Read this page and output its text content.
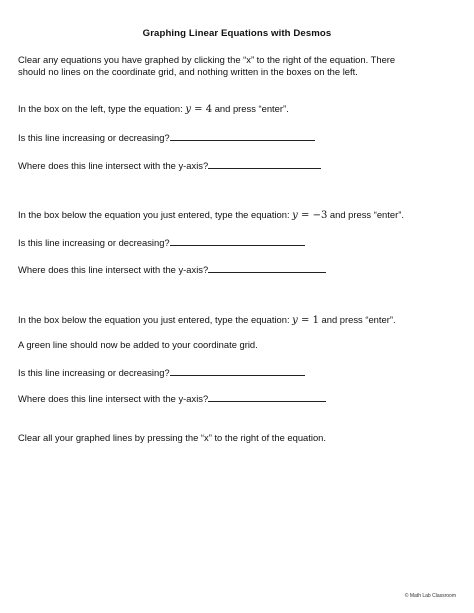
Graphing Linear Equations with Desmos
Clear any equations you have graphed by clicking the “x” to the right of the equation. There
should no lines on the coordinate grid, and nothing written in the boxes on the left.
In the box on the left, type the equation: y = 4 and press “enter”.
Is this line increasing or decreasing?
Where does this line intersect with the y-axis?
In the box below the equation you just entered, type the equation: y = −3 and press “enter”.
Is this line increasing or decreasing?
Where does this line intersect with the y-axis?
In the box below the equation you just entered, type the equation: y = 1 and press “enter”.
A green line should now be added to your coordinate grid.
Is this line increasing or decreasing?
Where does this line intersect with the y-axis?
Clear all your graphed lines by pressing the “x” to the right of the equation.
© Math Lab Classroom
